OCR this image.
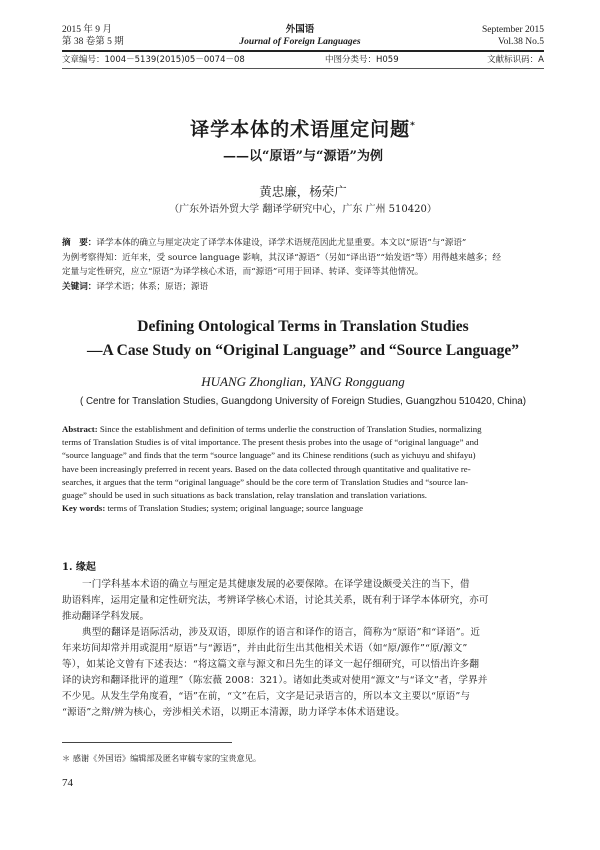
2015 年 9 月
第 38 卷第 5 期
外国语
Journal of Foreign Languages
September 2015
Vol.38 No.5
文章编号：1004－5139(2015)05－0074－08	中图分类号：H059	文献标识码：A
译学本体的术语厘定问题*
——以“原语”与“源语”为例
黄忠廉，杨荣广
（广东外语外贸大学 翻译学研究中心，广东 广州 510420）
摘　要：译学本体的确立与厘定决定了译学本体建设，译学术语规范因此尤显重要。本文以“原语”与“源语”
为例考察得知：近年来，受 source language 影响，其汉译“源语”（另如“译出语”“始发语”等）用得越来越多；经
定量与定性研究，应立“原语”为译学核心术语，而“源语”可用于回译、转译、变译等其他情况。
关键词：译学术语；体系；原语；源语
Defining Ontological Terms in Translation Studies
—A Case Study on “Original Language” and “Source Language”
HUANG Zhonglian, YANG Rongguang
( Centre for Translation Studies, Guangdong University of Foreign Studies, Guangzhou 510420, China)
Abstract: Since the establishment and definition of terms underlie the construction of Translation Studies, normalizing
terms of Translation Studies is of vital importance. The present thesis probes into the usage of “original language” and
“source language” and finds that the term “source language” and its Chinese renditions (such as yichuyu and shifayu)
have been increasingly preferred in recent years. Based on the data collected through quantitative and qualitative re-
searches, it argues that the term “original language” should be the core term of Translation Studies and “source lan-
guage” should be used in such situations as back translation, relay translation and translation variations.
Key words: terms of Translation Studies; system; original language; source language
1. 缘起
一门学科基本术语的确立与厘定是其健康发展的必要保障。在译学建设颇受关注的当下，借
助语料库，运用定量和定性研究法，考辨译学核心术语，讨论其关系，既有利于译学本体研究，亦可
推动翻译学科发展。
典型的翻译是语际活动，涉及双语，即原作的语言和译作的语言，简称为“原语”和“译语”。近
年来坊间却常并用或混用“原语”与“源语”，并由此衍生出其他相关术语（如“原/源作”“原/源文”
等），如某论文曾有下述表达：“将这篇文章与源文和吕先生的译文一起仔细研究，可以悟出许多翻
译的诀窍和翻译批评的道理”（陈宏薇 2008：321）。诸如此类或对使用“源文”与“译文”者，学界并
不少见。从发生学角度看，“语”在前，“文”在后，文字是记录语言的，所以本文主要以“原语”与
“源语”之辩/辨为核心，旁涉相关术语，以期正本清源，助力译学本体术语建设。
＊ 感谢《外国语》编辑部及匿名审稿专家的宝贵意见。
74
